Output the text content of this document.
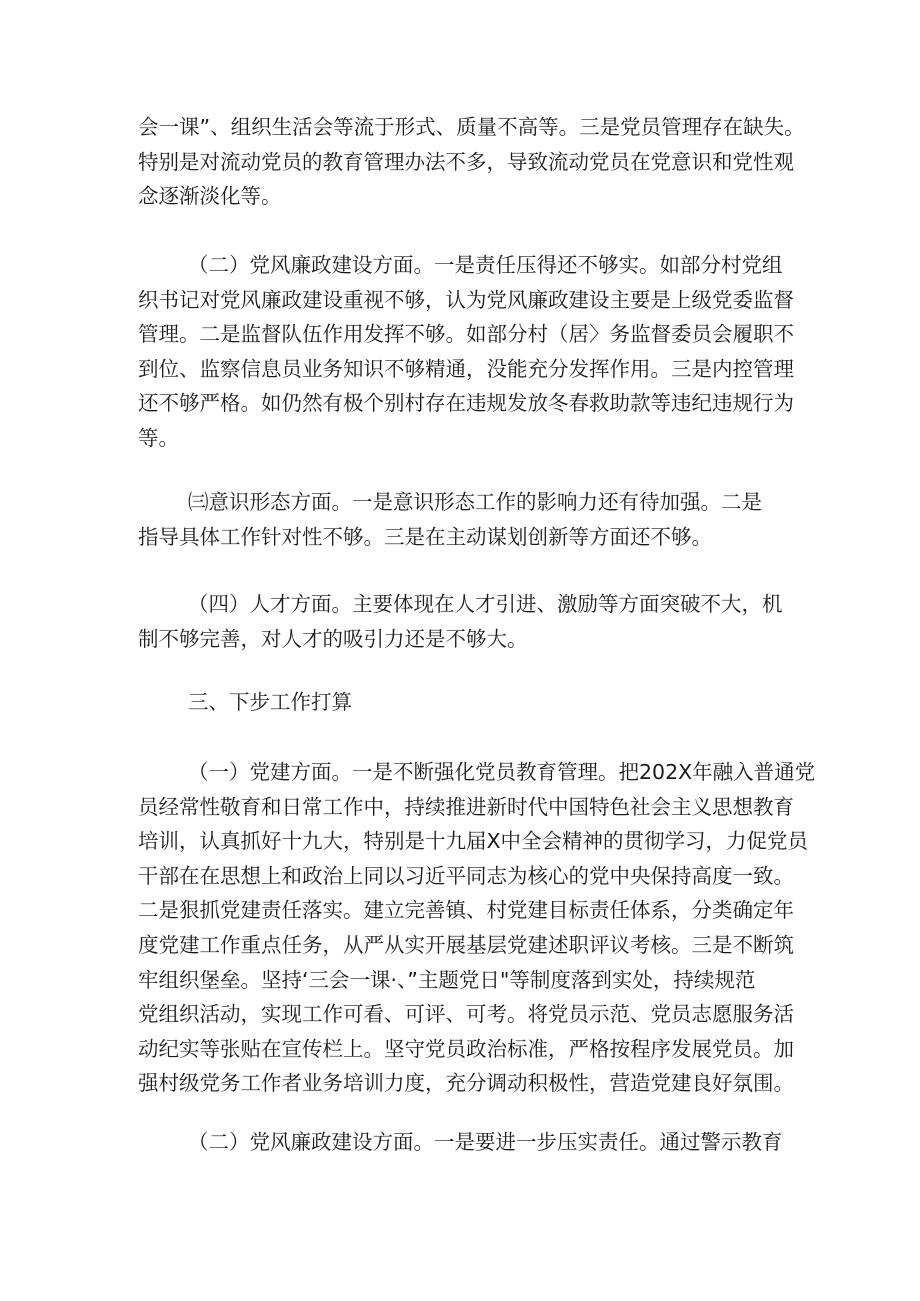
会一课”、组织生活会等流于形式、质量不高等。三是党员管理存在缺失。
特别是对流动党员的教育管理办法不多，导致流动党员在党意识和党性观
念逐渐淡化等。
（二）党风廉政建设方面。一是责任压得还不够实。如部分村党组
织书记对党风廉政建设重视不够，认为党风廉政建设主要是上级党委监督
管理。二是监督队伍作用发挥不够。如部分村（居〉务监督委员会履职不
到位、监察信息员业务知识不够精通，没能充分发挥作用。三是内控管理
还不够严格。如仍然有极个别村存在违规发放冬春救助款等违纪违规行为
等。
㈢意识形态方面。一是意识形态工作的影响力还有待加强。二是
指导具体工作针对性不够。三是在主动谋划创新等方面还不够。
（四）人才方面。主要体现在人才引进、激励等方面突破不大，机
制不够完善，对人才的吸引力还是不够大。
三、下步工作打算
（一）党建方面。一是不断强化党员教育管理。把202X年融入普通党
员经常性敬育和日常工作中，持续推进新时代中国特色社会主义思想教育
培训，认真抓好十九大，特别是十九届X中全会精神的贯彻学习，力促党员
干部在在思想上和政治上同以习近平同志为核心的党中央保持高度一致。
二是狠抓党建责任落实。建立完善镇、村党建目标责任体系，分类确定年
度党建工作重点任务，从严从实开展基层党建述职评议考核。三是不断筑
牢组织堡垒。坚持‘三会一课·、”主题党日"等制度落到实处，持续规范
党组织活动，实现工作可看、可评、可考。将党员示范、党员志愿服务活
动纪实等张贴在宣传栏上。坚守党员政治标准，严格按程序发展党员。加
强村级党务工作者业务培训力度，充分调动积极性，营造党建良好氛围。
（二）党风廉政建设方面。一是要进一步压实责任。通过警示教育
